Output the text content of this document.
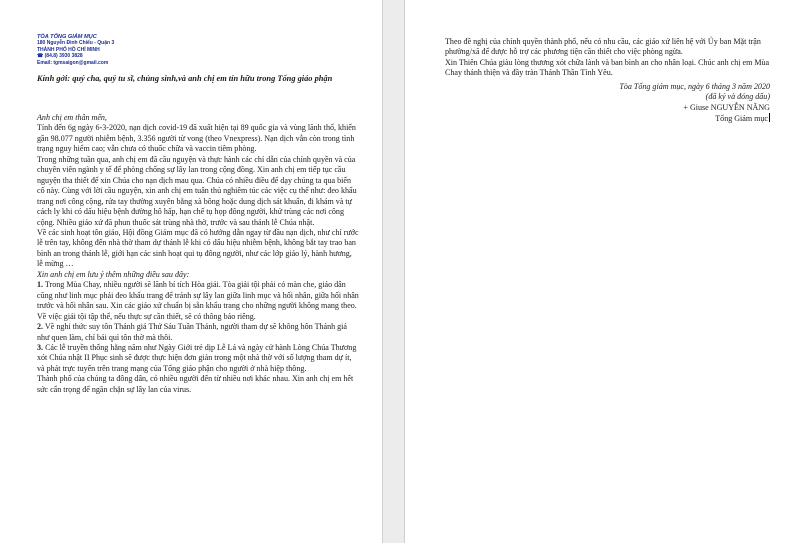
TÒA TỔNG GIÁM MỤC
180 Nguyễn Đình Chiểu - Quận 3
THÀNH PHỐ HỒ CHÍ MINH
☎ (84.8) 3930 3828
Email: tgmsaigon@gmail.com
Kính gởi: quý cha, quý tu sĩ, chủng sinh,và anh chị em tín hữu trong Tổng giáo phận

Anh chị em thân mến,

Tính đến 6g ngày 6-3-2020, nạn dịch covid-19 đã xuất hiện tại 89 quốc gia và vùng lãnh thổ, khiến gần 98.077 người nhiễm bệnh, 3.356 người từ vong (theo Vnexpress). Nạn dịch vẫn còn trong tình trạng nguy hiểm cao; vẫn chưa có thuốc chữa và vaccin tiêm phòng.

Trong những tuần qua, anh chị em đã cầu nguyện và thực hành các chỉ dẫn của chính quyền và của chuyên viên ngành y tế để phòng chống sự lây lan trong cộng đồng. Xin anh chị em tiếp tục cầu nguyện tha thiết để xin Chúa cho nạn dịch mau qua. Chúa có nhiều điều để dạy chúng ta qua biến cố này. Cùng với lời cầu nguyện, xin anh chị em tuân thủ nghiêm túc các việc cụ thể như: đeo khẩu trang nơi công cộng, rửa tay thường xuyên bằng xà bông hoặc dung dịch sát khuẩn, đi khám và tự cách ly khi có dấu hiệu bệnh đường hô hấp, hạn chế tụ họp đông người, khử trùng các nơi công cộng. Nhiều giáo xứ đã phun thuốc sát trùng nhà thờ, trước và sau thánh lễ Chúa nhật.

Về các sinh hoạt tôn giáo, Hội đồng Giám mục đã có hướng dẫn ngay từ đầu nạn dịch, như chỉ rước lễ trên tay, không đến nhà thờ tham dự thánh lễ khi có dấu hiệu nhiễm bệnh, không bắt tay trao ban bình an trong thánh lễ, giới hạn các sinh hoạt qui tụ đông người, như các lớp giáo lý, hành hương, lễ mừng …

Xin anh chị em lưu ý thêm những điều sau đây:

1. Trong Mùa Chay, nhiều người sẽ lãnh bí tích Hòa giải. Tòa giải tội phải có màn che, giáo dân cũng như linh mục phải đeo khẩu trang để tránh sự lây lan giữa linh mục và hối nhân, giữa hối nhân trước và hối nhân sau. Xin các giáo xứ chuẩn bị sẵn khẩu trang cho những người không mang theo.

Về việc giải tội tập thể, nếu thực sự cần thiết, sẽ có thông báo riêng.

2. Về nghi thức suy tôn Thánh giá Thứ Sáu Tuần Thánh, người tham dự sẽ không hôn Thánh giá như quen làm, chỉ bái quì tôn thờ mà thôi.

3. Các lễ truyền thống hằng năm như Ngày Giới trẻ dịp Lễ Lá và ngày cử hành Lòng Chúa Thương xót Chúa nhật II Phục sinh sẽ được thực hiện đơn giản trong một nhà thờ với số lượng tham dự ít, và phát trực tuyến trên trang mạng của Tổng giáo phận cho người ở nhà hiệp thông.

Thành phố của chúng ta đông dân, có nhiều người đến từ nhiều nơi khác nhau. Xin anh chị em hết sức cẩn trọng để ngăn chặn sự lây lan của virus.

Theo đề nghị của chính quyền thành phố, nếu có nhu cầu, các giáo xứ liên hệ với Ủy ban Mặt trận phường/xã để được hỗ trợ các phương tiện cần thiết cho việc phòng ngừa.

Xin Thiên Chúa giàu lòng thương xót chữa lành và ban bình an cho nhân loại. Chúc anh chị em Mùa Chay thánh thiện và đầy tràn Thánh Thần Tình Yêu.

Tòa Tổng giám mục, ngày 6 tháng 3 năm 2020
(đã ký và đóng dấu)
+ Giuse NGUYỄN NĂNG
Tổng Giám mục
